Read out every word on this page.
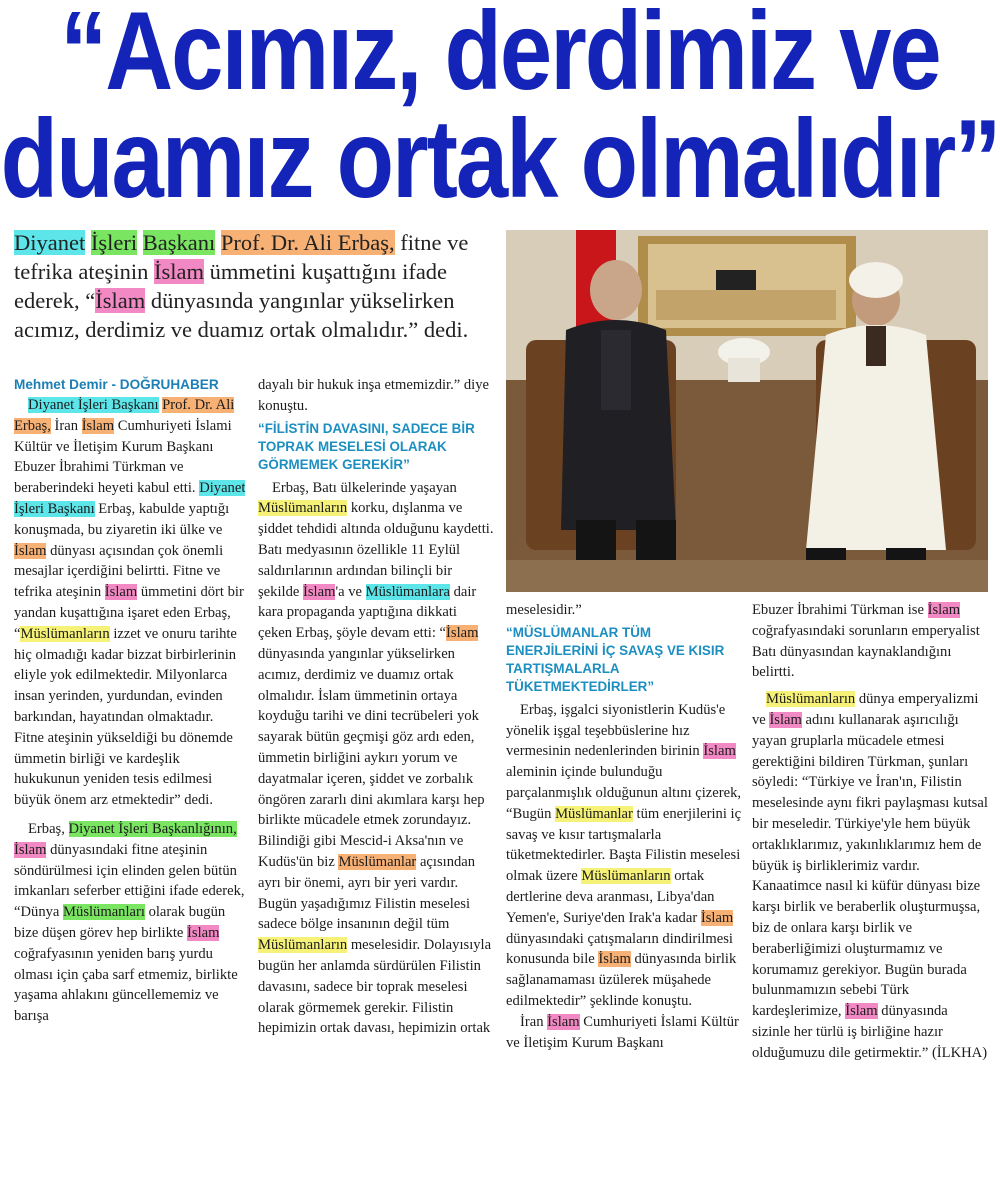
“Acımız, derdimiz ve
duamız ortak olmalıdır”
Diyanet İşleri Başkanı Prof. Dr. Ali Erbaş, fitne ve tefrika ateşinin İslam ümmetini kuşattığını ifade ederek, “İslam dünyasında yangınlar yükselirken acımız, derdimiz ve duamız ortak olmalıdır.” dedi.

Mehmet Demir - DOĞRUHABER

Diyanet İşleri Başkanı Prof. Dr. Ali Erbaş, İran İslam Cumhuriyeti İslami Kültür ve İletişim Kurum Başkanı Ebuzer İbrahimi Türkman ve beraberindeki heyeti kabul etti. Diyanet İşleri Başkanı Erbaş, kabulde yaptığı konuşmada, bu ziyaretin iki ülke ve İslam dünyası açısından çok önemli mesajlar içerdiğini belirtti. Fitne ve tefrika ateşinin İslam ümmetini dört bir yandan kuşattığına işaret eden Erbaş, “Müslümanların izzet ve onuru tarihte hiç olmadığı kadar bizzat birbirlerinin eliyle yok edilmektedir. Milyonlarca insan yerinden, yurdundan, evinden barkından, hayatından olmaktadır. Fitne ateşinin yükseldiği bu dönemde ümmetin birliği ve kardeşlik hukukunun yeniden tesis edilmesi büyük önem arz etmektedir” dedi.

Erbaş, Diyanet İşleri Başkanlığının, İslam dünyasındaki fitne ateşinin söndürülmesi için elinden gelen bütün imkanları seferber ettiğini ifade ederek, “Dünya Müslümanları olarak bugün bize düşen görev hep birlikte İslam coğrafyasının yeniden barış yurdu olması için çaba sarf etmemiz, birlikte yaşama ahlakını güncellememiz ve barışa

dayalı bir hukuk inşa etmemizdir.” diye konuştu.

“FİLİSTİN DAVASINI, SADECE BİR TOPRAK MESELESİ OLARAK GÖRMEMEK GEREKİR”

Erbaş, Batı ülkelerinde yaşayan Müslümanların korku, dışlanma ve şiddet tehdidi altında olduğunu kaydetti. Batı medyasının özellikle 11 Eylül saldırılarının ardından bilinçli bir şekilde İslam'a ve Müslümanlara dair kara propaganda yaptığına dikkati çeken Erbaş, şöyle devam etti: “İslam dünyasında yangınlar yükselirken acımız, derdimiz ve duamız ortak olmalıdır. İslam ümmetinin ortaya koyduğu tarihi ve dini tecrübeleri yok sayarak bütün geçmişi göz ardı eden, ümmetin birliğini aykırı yorum ve dayatmalar içeren, şiddet ve zorbalık öngören zararlı dini akımlara karşı hep birlikte mücadele etmek zorundayız. Bilindiği gibi Mescid-i Aksa'nın ve Kudüs'ün biz Müslümanlar açısından ayrı bir önemi, ayrı bir yeri vardır. Bugün yaşadığımız Filistin meselesi sadece bölge insanının değil tüm Müslümanların meselesidir. Dolayısıyla bugün her anlamda sürdürülen Filistin davasını, sadece bir toprak meselesi olarak görmemek gerekir. Filistin hepimizin ortak davası, hepimizin ortak

meselesidir.”

“MÜSLÜMANLAR TÜM ENERJİLERİNİ İÇ SAVAŞ VE KISIR TARTIŞMALARLA TÜKETMEKTEDİRLER”

Erbaş, işgalci siyonistlerin Kudüs'e yönelik işgal teşebbüslerine hız vermesinin nedenlerinden birinin İslam aleminin içinde bulunduğu parçalanmışlık olduğunun altını çizerek, “Bugün Müslümanlar tüm enerjilerini iç savaş ve kısır tartışmalarla tüketmektedirler. Başta Filistin meselesi olmak üzere Müslümanların ortak dertlerine deva aranması, Libya'dan Yemen'e, Suriye'den Irak'a kadar İslam dünyasındaki çatışmaların dindirilmesi konusunda bile İslam dünyasında birlik sağlanamaması üzülerek müşahede edilmektedir” şeklinde konuştu.

İran İslam Cumhuriyeti İslami Kültür ve İletişim Kurum Başkanı

Ebuzer İbrahimi Türkman ise İslam coğrafyasındaki sorunların emperyalist Batı dünyasından kaynaklandığını belirtti.

Müslümanların dünya emperyalizmi ve İslam adını kullanarak aşırıcılığı yayan gruplarla mücadele etmesi gerektiğini bildiren Türkman, şunları söyledi: “Türkiye ve İran'ın, Filistin meselesinde aynı fikri paylaşması kutsal bir meseledir. Türkiye'yle hem büyük ortaklıklarımız, yakınlıklarımız hem de büyük iş birliklerimiz vardır. Kanaatimce nasıl ki küfür dünyası bize karşı birlik ve beraberlik oluşturmuşsa, biz de onlara karşı birlik ve beraberliğimizi oluşturmamız ve korumamız gerekiyor. Bugün burada bulunmamızın sebebi Türk kardeşlerimize, İslam dünyasında sizinle her türlü iş birliğine hazır olduğumuzu dile getirmektir.” (İLKHA)
